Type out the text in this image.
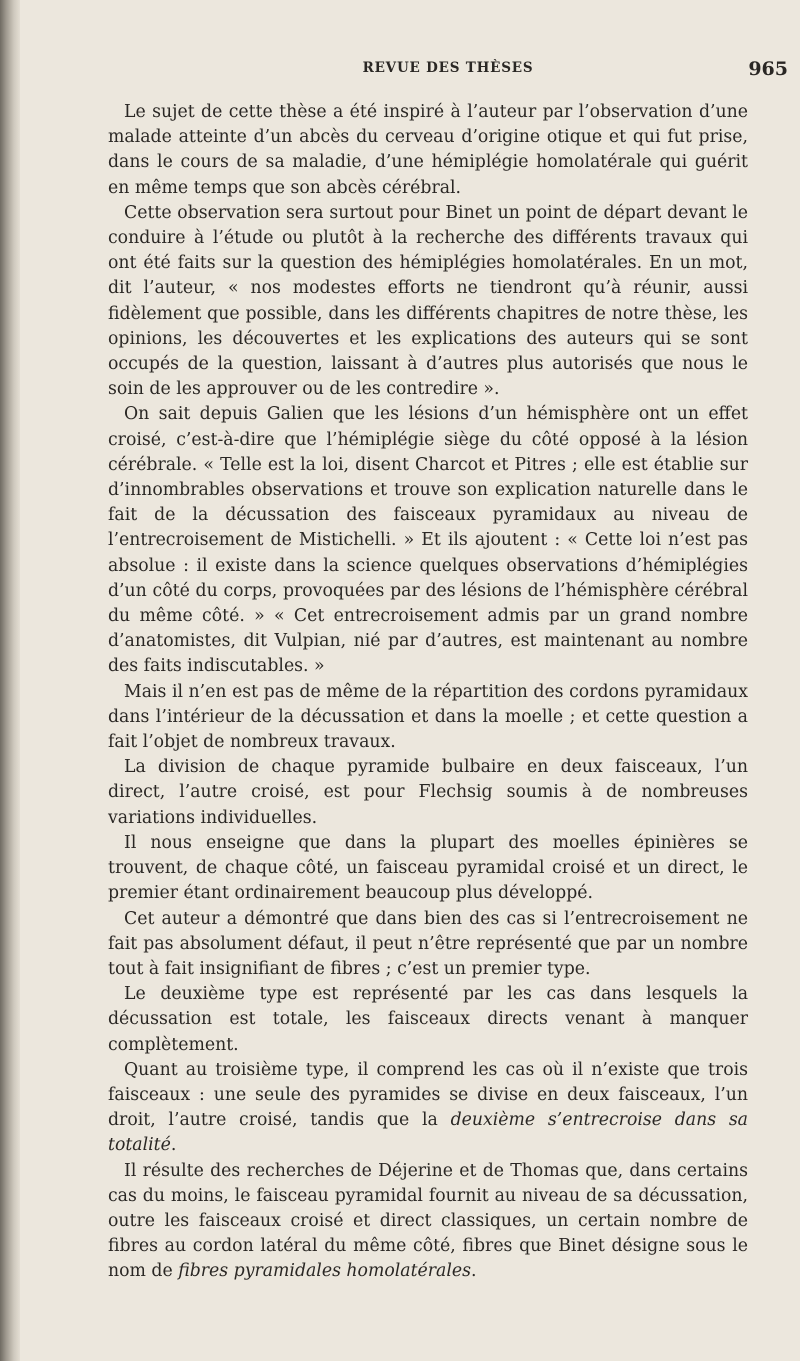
REVUE DES THÈSES	965

Le sujet de cette thèse a été inspiré à l’auteur par l’observation d’une malade atteinte d’un abcès du cerveau d’origine otique et qui fut prise, dans le cours de sa maladie, d’une hémiplégie homolatérale qui guérit en même temps que son abcès cérébral.

Cette observation sera surtout pour Binet un point de départ devant le conduire à l’étude ou plutôt à la recherche des différents travaux qui ont été faits sur la question des hémiplégies homolatérales. En un mot, dit l’auteur, « nos modestes efforts ne tiendront qu’à réunir, aussi fidèlement que possible, dans les différents chapitres de notre thèse, les opinions, les découvertes et les explications des auteurs qui se sont occupés de la question, laissant à d’autres plus autorisés que nous le soin de les approuver ou de les contredire ».

On sait depuis Galien que les lésions d’un hémisphère ont un effet croisé, c’est-à-dire que l’hémiplégie siège du côté opposé à la lésion cérébrale. « Telle est la loi, disent Charcot et Pitres ; elle est établie sur d’innombrables observations et trouve son explication naturelle dans le fait de la décussation des faisceaux pyramidaux au niveau de l’entrecroisement de Mistichelli. » Et ils ajoutent : « Cette loi n’est pas absolue : il existe dans la science quelques observations d’hémiplégies d’un côté du corps, provoquées par des lésions de l’hémisphère cérébral du même côté. » « Cet entrecroisement admis par un grand nombre d’anatomistes, dit Vulpian, nié par d’autres, est maintenant au nombre des faits indiscutables. »

Mais il n’en est pas de même de la répartition des cordons pyramidaux dans l’intérieur de la décussation et dans la moelle ; et cette question a fait l’objet de nombreux travaux.

La division de chaque pyramide bulbaire en deux faisceaux, l’un direct, l’autre croisé, est pour Flechsig soumis à de nombreuses variations individuelles.

Il nous enseigne que dans la plupart des moelles épinières se trouvent, de chaque côté, un faisceau pyramidal croisé et un direct, le premier étant ordinairement beaucoup plus développé.

Cet auteur a démontré que dans bien des cas si l’entrecroisement ne fait pas absolument défaut, il peut n’être représenté que par un nombre tout à fait insignifiant de fibres ; c’est un premier type.

Le deuxième type est représenté par les cas dans lesquels la décussation est totale, les faisceaux directs venant à manquer complètement.

Quant au troisième type, il comprend les cas où il n’existe que trois faisceaux : une seule des pyramides se divise en deux faisceaux, l’un droit, l’autre croisé, tandis que la deuxième s’entrecroise dans sa totalité.

Il résulte des recherches de Déjerine et de Thomas que, dans certains cas du moins, le faisceau pyramidal fournit au niveau de sa décussation, outre les faisceaux croisé et direct classiques, un certain nombre de fibres au cordon latéral du même côté, fibres que Binet désigne sous le nom de fibres pyramidales homolatérales.
